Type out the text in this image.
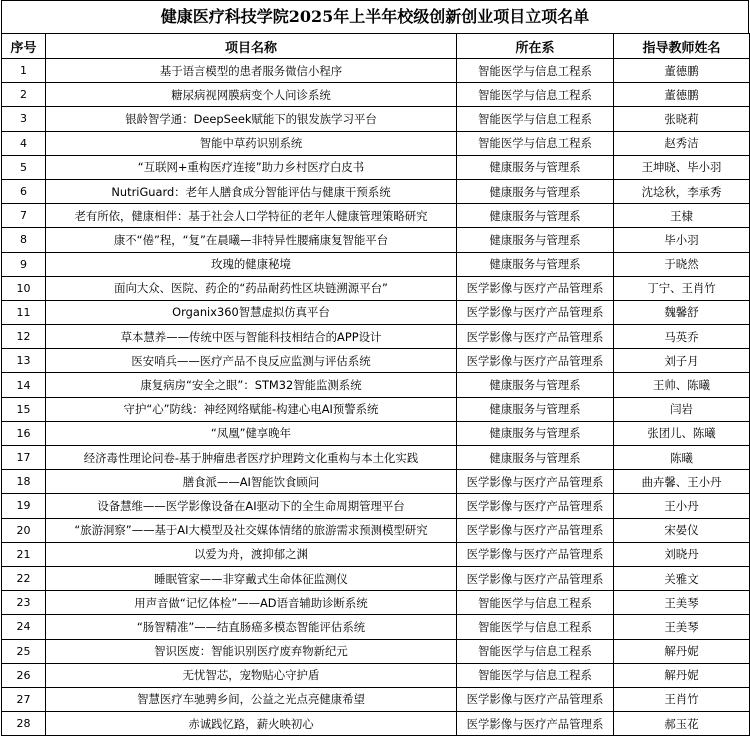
健康医疗科技学院2025年上半年校级创新创业项目立项名单
序号	项目名称	所在系	指导教师姓名
1	基于语言模型的患者服务微信小程序	智能医学与信息工程系	董德鹏
2	糖尿病视网膜病变个人问诊系统	智能医学与信息工程系	董德鹏
3	银龄智学通：DeepSeek赋能下的银发族学习平台	智能医学与信息工程系	张晓莉
4	智能中草药识别系统	智能医学与信息工程系	赵秀洁
5	“互联网+重构医疗连接”助力乡村医疗白皮书	健康服务与管理系	王坤晓、毕小羽
6	NutriGuard：老年人膳食成分智能评估与健康干预系统	健康服务与管理系	沈埝秋，李承秀
7	老有所依，健康相伴：基于社会人口学特征的老年人健康管理策略研究	健康服务与管理系	王棣
8	康不“倦”程，“复”在晨曦—非特异性腰痛康复智能平台	健康服务与管理系	毕小羽
9	玫瑰的健康秘境	健康服务与管理系	于晓然
10	面向大众、医院、药企的“药品耐药性区块链溯源平台”	医学影像与医疗产品管理系	丁宁、王肖竹
11	Organix360智慧虚拟仿真平台	医学影像与医疗产品管理系	魏馨舒
12	草本慧养——传统中医与智能科技相结合的APP设计	医学影像与医疗产品管理系	马英乔
13	医安哨兵——医疗产品不良反应监测与评估系统	医学影像与医疗产品管理系	刘子月
14	康复病房“安全之眼”：STM32智能监测系统	健康服务与管理系	王帅、陈曦
15	守护“心”防线：神经网络赋能-构建心电AI预警系统	健康服务与管理系	闫岩
16	“凤凰”健享晚年	健康服务与管理系	张团儿、陈曦
17	经济毒性理论问卷-基于肿瘤患者医疗护理跨文化重构与本土化实践	健康服务与管理系	陈曦
18	膳食派——AI智能饮食顾问	医学影像与医疗产品管理系	曲卉馨、王小丹
19	设备慧维——医学影像设备在AI驱动下的全生命周期管理平台	医学影像与医疗产品管理系	王小丹
20	“旅游洞察”——基于AI大模型及社交媒体情绪的旅游需求预测模型研究	医学影像与医疗产品管理系	宋晏仪
21	以爱为舟，渡抑郁之渊	医学影像与医疗产品管理系	刘晓丹
22	睡眠管家——非穿戴式生命体征监测仪	医学影像与医疗产品管理系	关雅文
23	用声音做“记忆体检”——AD语音辅助诊断系统	智能医学与信息工程系	王美琴
24	“肠智精准”——结直肠癌多模态智能评估系统	智能医学与信息工程系	王美琴
25	智识医废：智能识别医疗废弃物新纪元	智能医学与信息工程系	解丹妮
26	无忧智芯，宠物贴心守护盾	智能医学与信息工程系	解丹妮
27	智慧医疗车驰骋乡间，公益之光点亮健康希望	医学影像与医疗产品管理系	王肖竹
28	赤诚践忆路，薪火映初心	医学影像与医疗产品管理系	郝玉花
